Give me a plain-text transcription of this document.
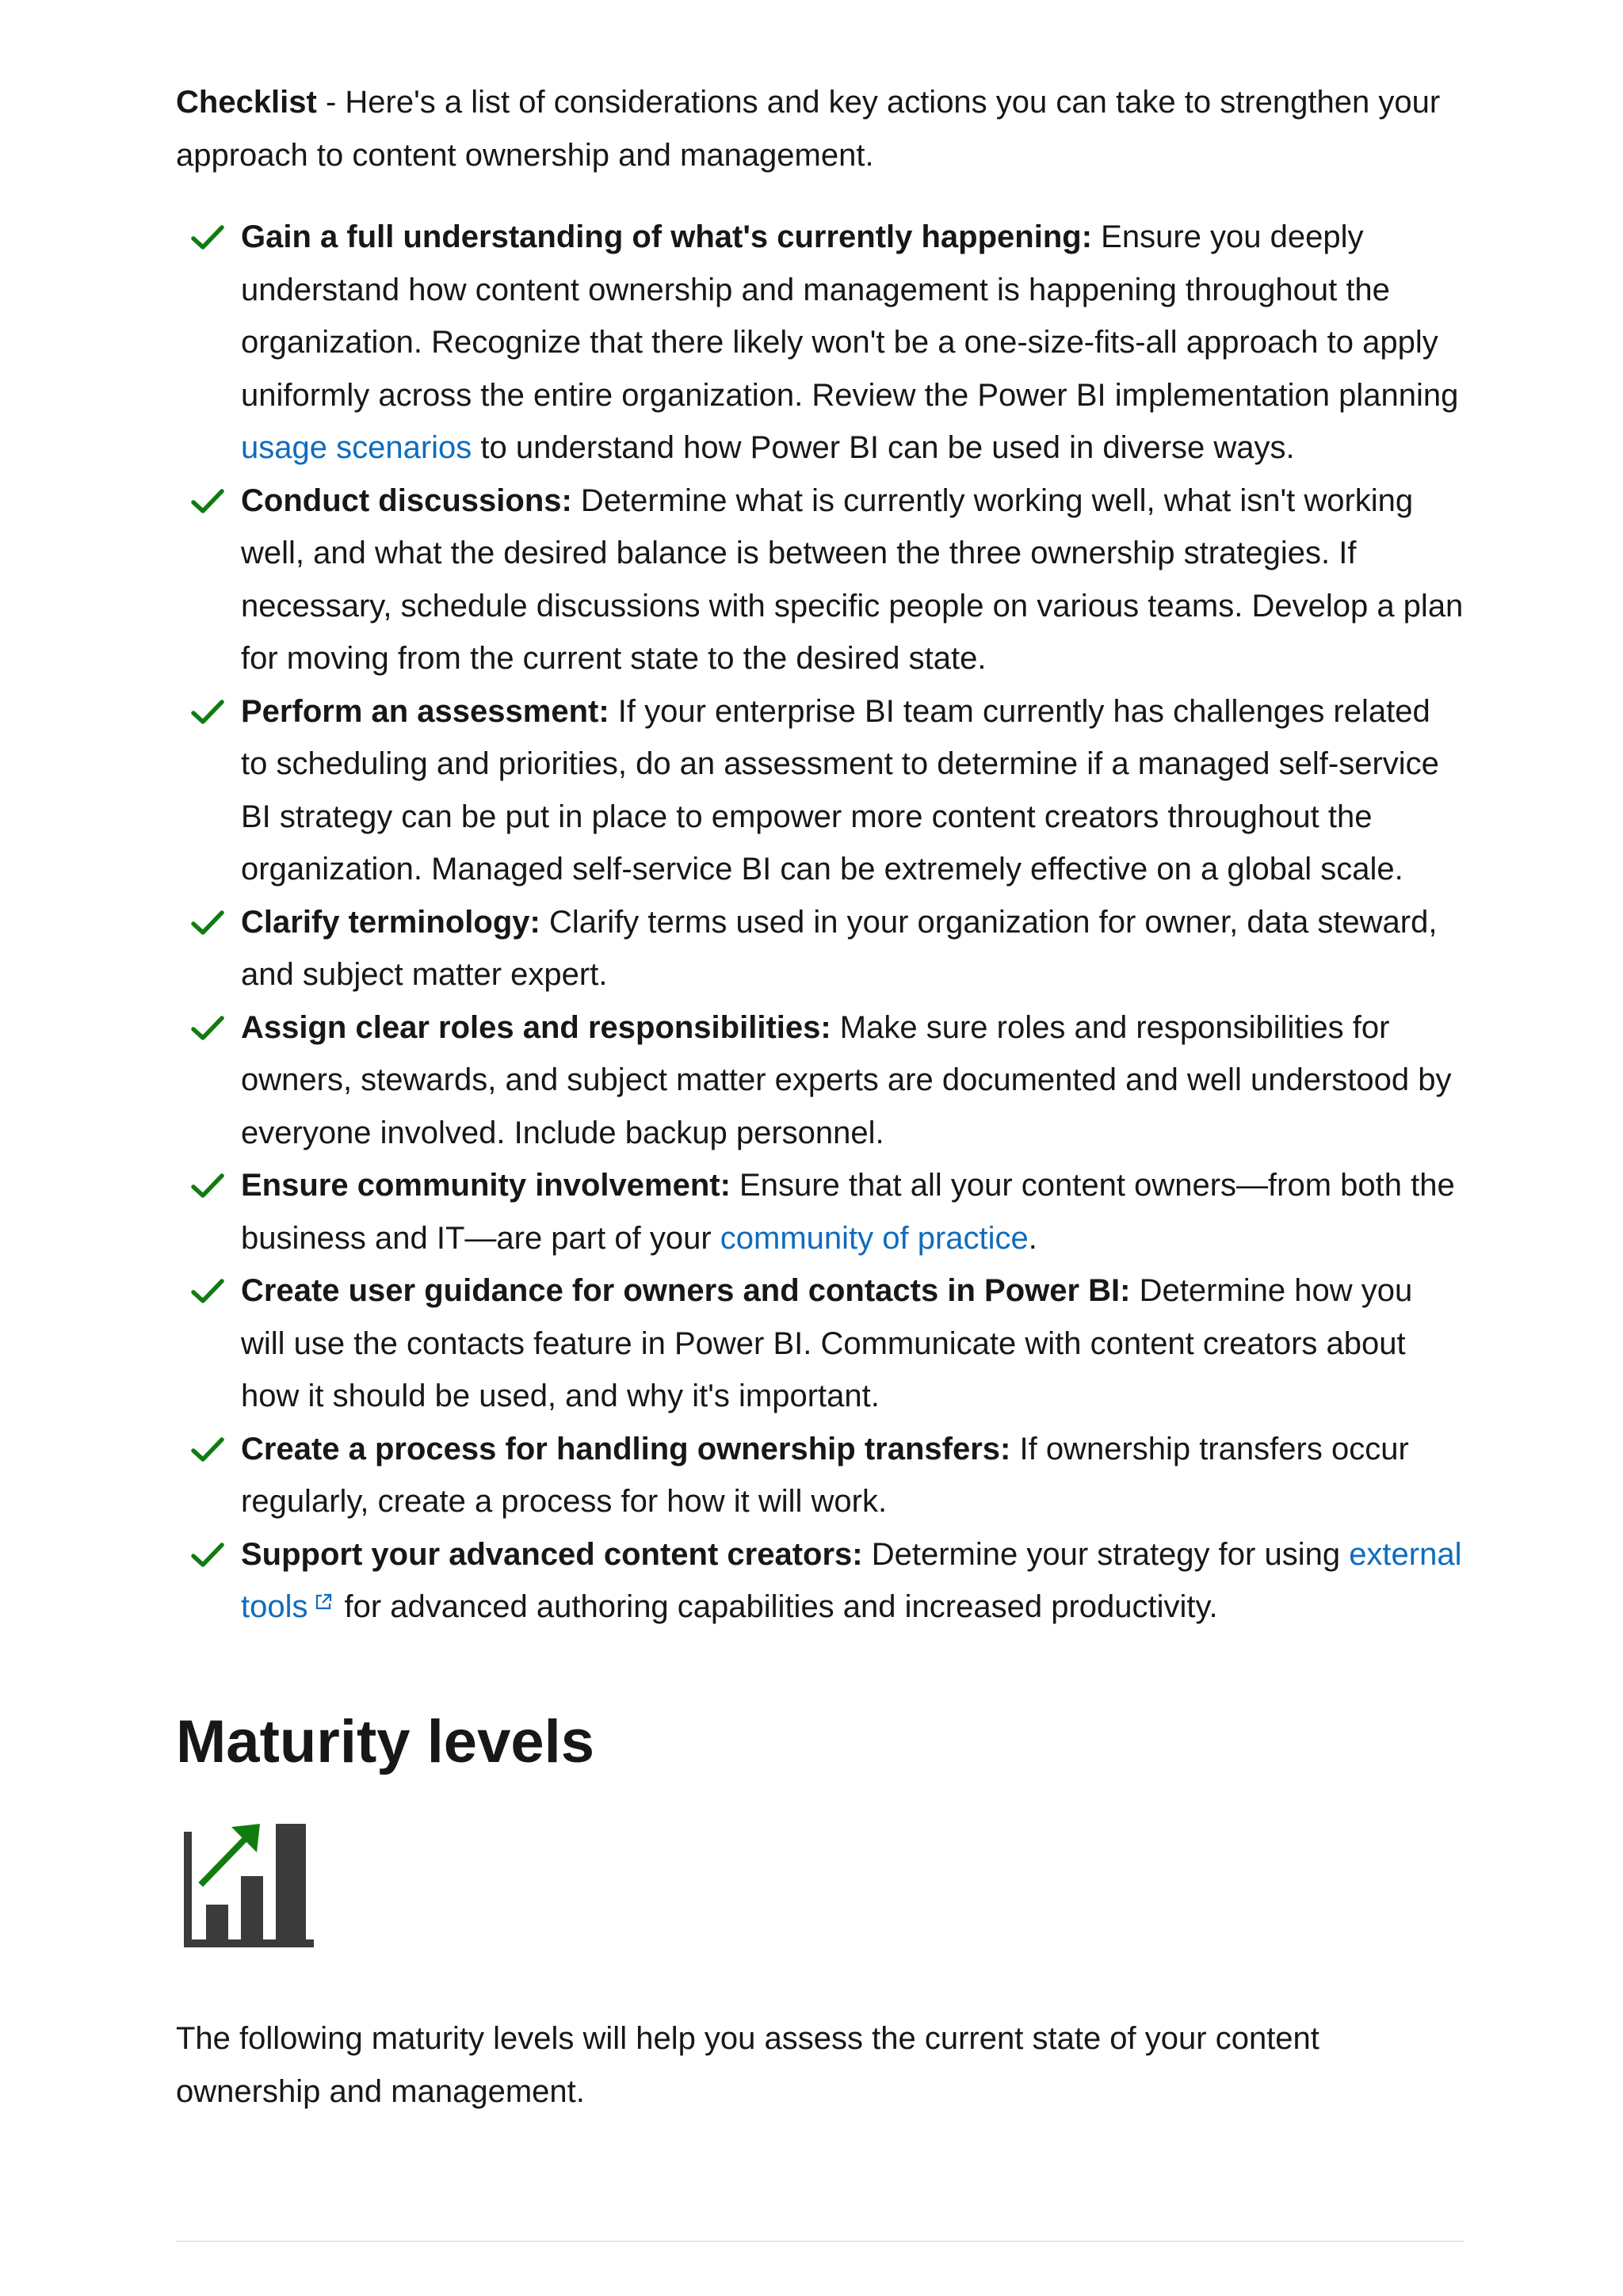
Checklist - Here's a list of considerations and key actions you can take to strengthen your approach to content ownership and management.

Gain a full understanding of what's currently happening: Ensure you deeply understand how content ownership and management is happening throughout the organization. Recognize that there likely won't be a one-size-fits-all approach to apply uniformly across the entire organization. Review the Power BI implementation planning usage scenarios to understand how Power BI can be used in diverse ways.
Conduct discussions: Determine what is currently working well, what isn't working well, and what the desired balance is between the three ownership strategies. If necessary, schedule discussions with specific people on various teams. Develop a plan for moving from the current state to the desired state.
Perform an assessment: If your enterprise BI team currently has challenges related to scheduling and priorities, do an assessment to determine if a managed self-service BI strategy can be put in place to empower more content creators throughout the organization. Managed self-service BI can be extremely effective on a global scale.
Clarify terminology: Clarify terms used in your organization for owner, data steward, and subject matter expert.
Assign clear roles and responsibilities: Make sure roles and responsibilities for owners, stewards, and subject matter experts are documented and well understood by everyone involved. Include backup personnel.
Ensure community involvement: Ensure that all your content owners—from both the business and IT—are part of your community of practice.
Create user guidance for owners and contacts in Power BI: Determine how you will use the contacts feature in Power BI. Communicate with content creators about how it should be used, and why it's important.
Create a process for handling ownership transfers: If ownership transfers occur regularly, create a process for how it will work.
Support your advanced content creators: Determine your strategy for using external tools for advanced authoring capabilities and increased productivity.
Maturity levels

The following maturity levels will help you assess the current state of your content ownership and management.
